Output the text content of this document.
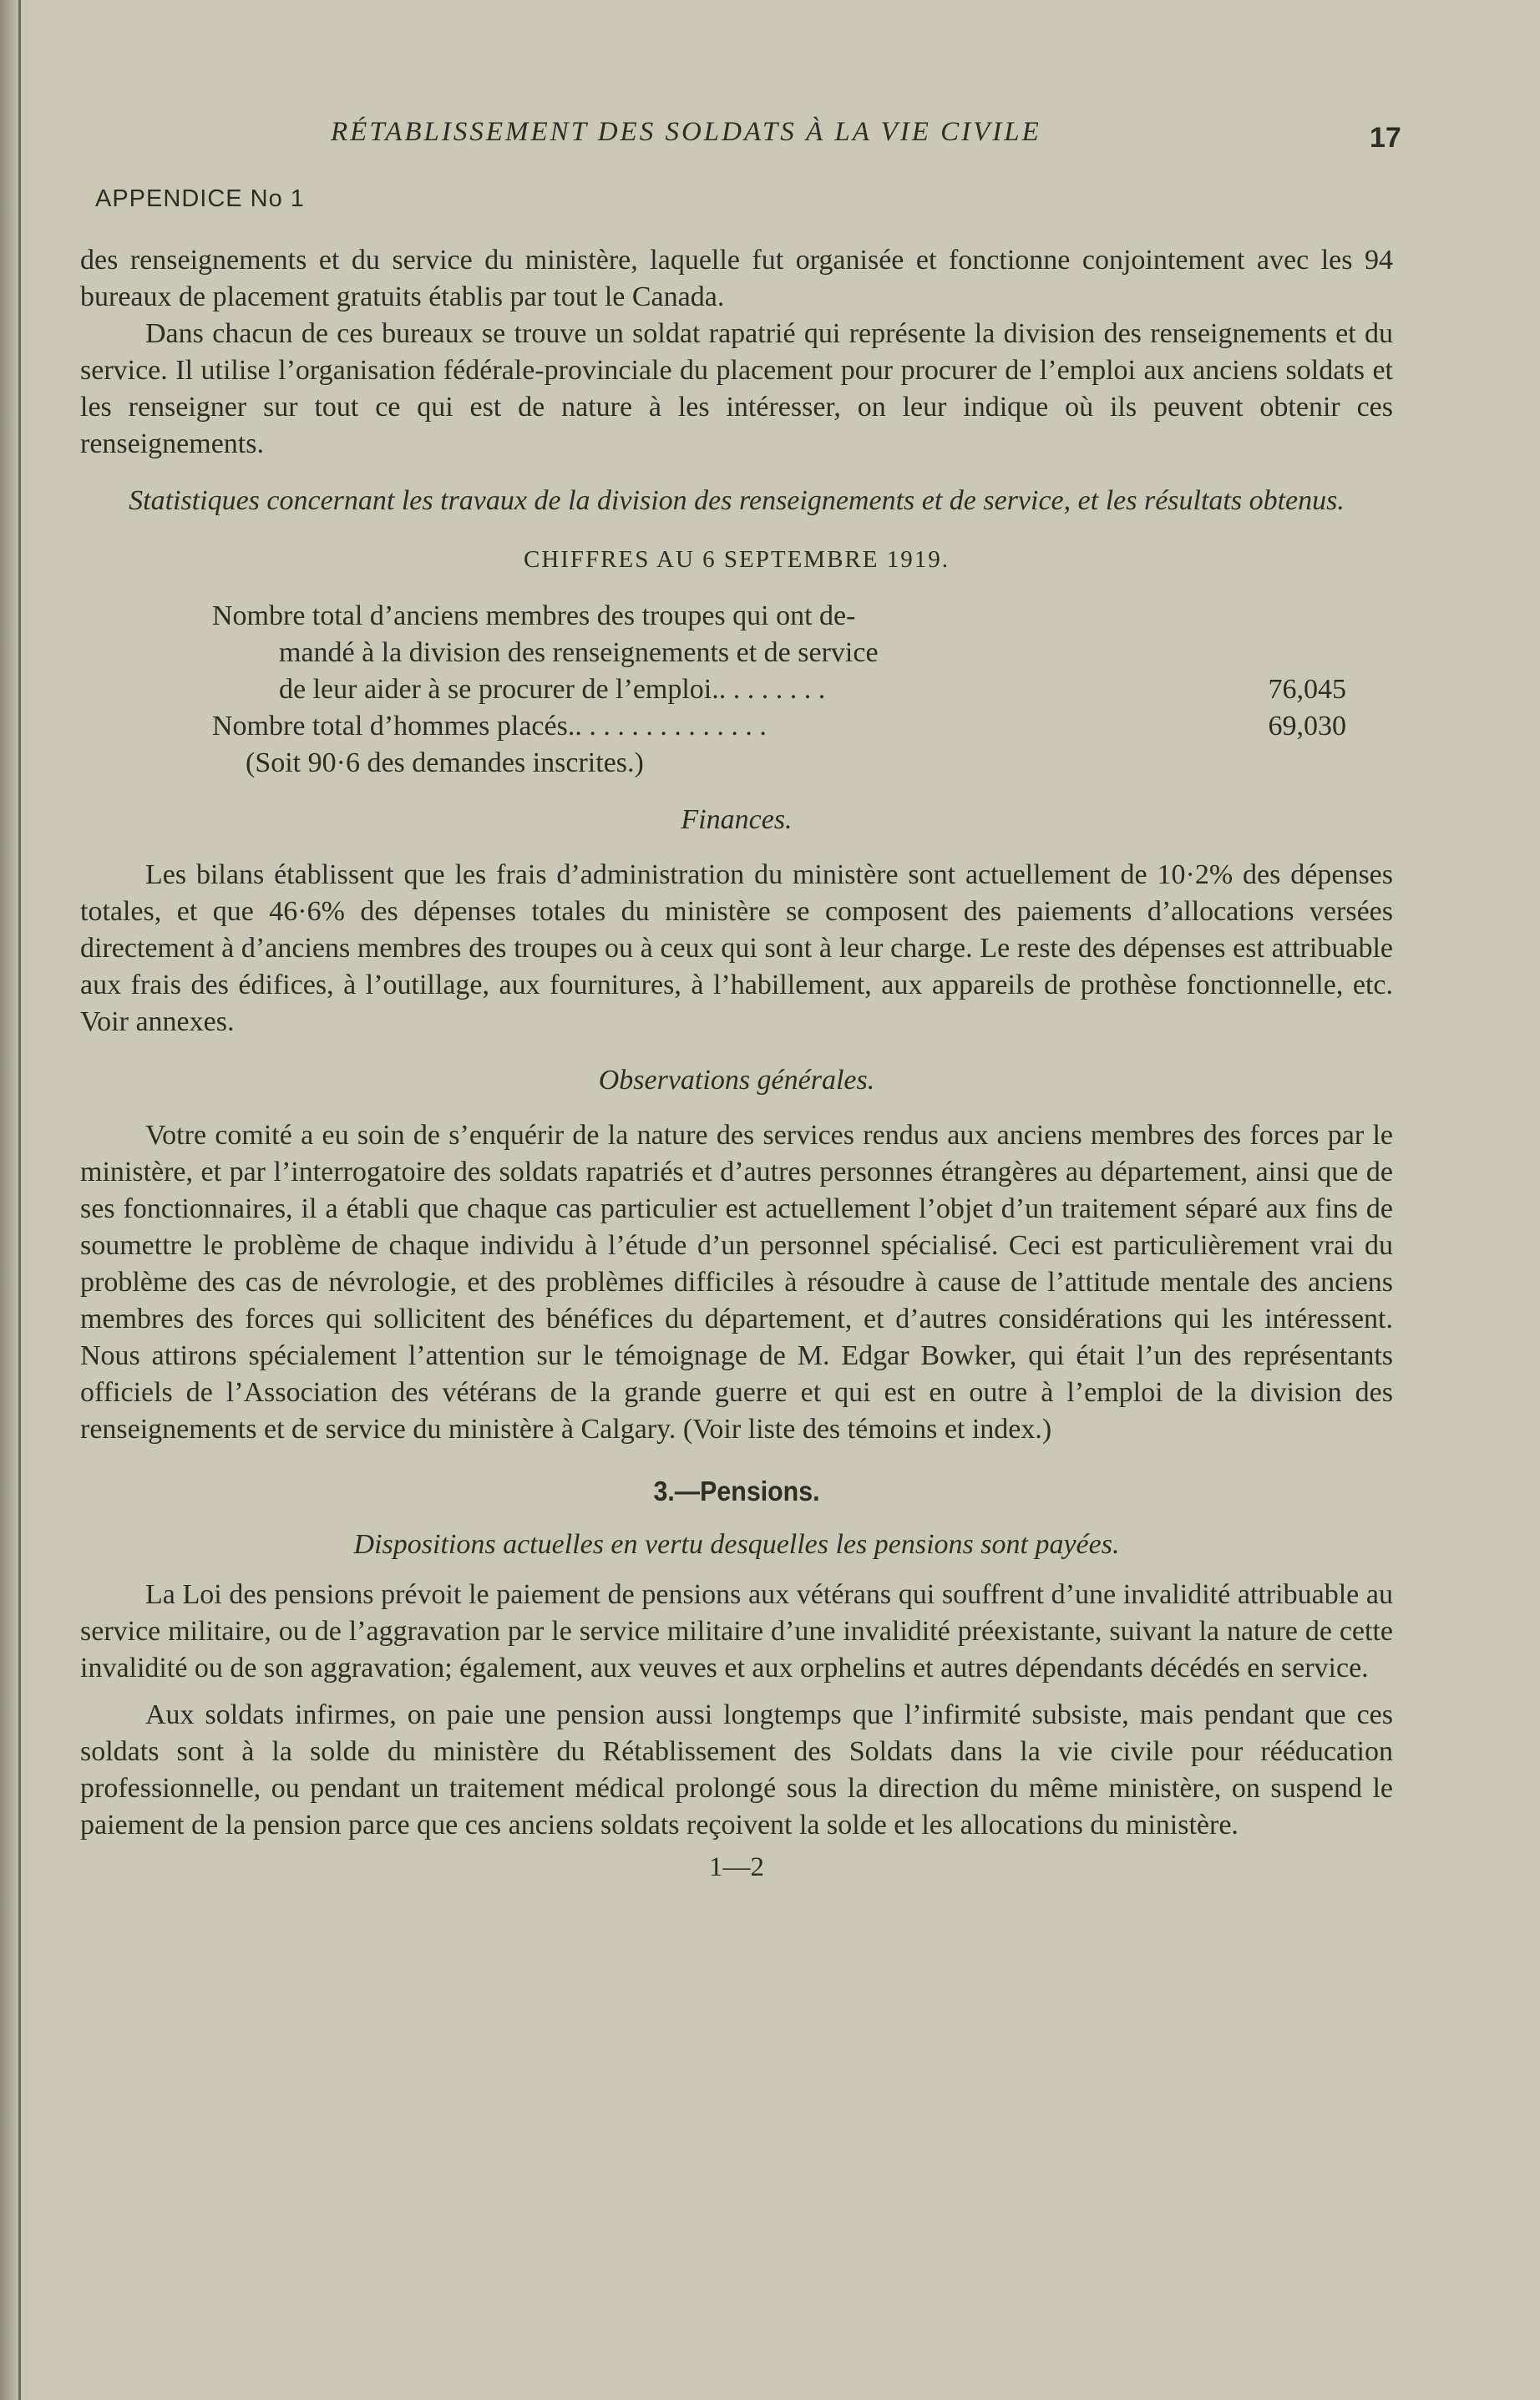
RÉTABLISSEMENT DES SOLDATS À LA VIE CIVILE	17
APPENDICE No 1

des renseignements et du service du ministère, laquelle fut organisée et fonctionne conjointement avec les 94 bureaux de placement gratuits établis par tout le Canada.

Dans chacun de ces bureaux se trouve un soldat rapatrié qui représente la division des renseignements et du service. Il utilise l’organisation fédérale-provinciale du placement pour procurer de l’emploi aux anciens soldats et les renseigner sur tout ce qui est de nature à les intéresser, on leur indique où ils peuvent obtenir ces renseignements.

Statistiques concernant les travaux de la division des renseignements et de service, et les résultats obtenus.

CHIFFRES AU 6 SEPTEMBRE 1919.

Nombre total d’anciens membres des troupes qui ont de-
mandé à la division des renseignements et de service
de leur aider à se procurer de l’emploi.. . . . . . . .	76,045
Nombre total d’hommes placés.. . . . . . . . . . . . . .	69,030
(Soit 90·6 des demandes inscrites.)

Finances.

Les bilans établissent que les frais d’administration du ministère sont actuellement de 10·2% des dépenses totales, et que 46·6% des dépenses totales du ministère se composent des paiements d’allocations versées directement à d’anciens membres des troupes ou à ceux qui sont à leur charge. Le reste des dépenses est attribuable aux frais des édifices, à l’outillage, aux fournitures, à l’habillement, aux appareils de prothèse fonctionnelle, etc. Voir annexes.

Observations générales.

Votre comité a eu soin de s’enquérir de la nature des services rendus aux anciens membres des forces par le ministère, et par l’interrogatoire des soldats rapatriés et d’autres personnes étrangères au département, ainsi que de ses fonctionnaires, il a établi que chaque cas particulier est actuellement l’objet d’un traitement séparé aux fins de soumettre le problème de chaque individu à l’étude d’un personnel spécialisé. Ceci est particulièrement vrai du problème des cas de névrologie, et des problèmes difficiles à résoudre à cause de l’attitude mentale des anciens membres des forces qui sollicitent des bénéfices du département, et d’autres considérations qui les intéressent. Nous attirons spécialement l’attention sur le témoignage de M. Edgar Bowker, qui était l’un des représentants officiels de l’Association des vétérans de la grande guerre et qui est en outre à l’emploi de la division des renseignements et de service du ministère à Calgary. (Voir liste des témoins et index.)

3.—Pensions.

Dispositions actuelles en vertu desquelles les pensions sont payées.

La Loi des pensions prévoit le paiement de pensions aux vétérans qui souffrent d’une invalidité attribuable au service militaire, ou de l’aggravation par le service militaire d’une invalidité préexistante, suivant la nature de cette invalidité ou de son aggravation; également, aux veuves et aux orphelins et autres dépendants décédés en service.

Aux soldats infirmes, on paie une pension aussi longtemps que l’infirmité subsiste, mais pendant que ces soldats sont à la solde du ministère du Rétablissement des Soldats dans la vie civile pour rééducation professionnelle, ou pendant un traitement médical prolongé sous la direction du même ministère, on suspend le paiement de la pension parce que ces anciens soldats reçoivent la solde et les allocations du ministère.

1—2
